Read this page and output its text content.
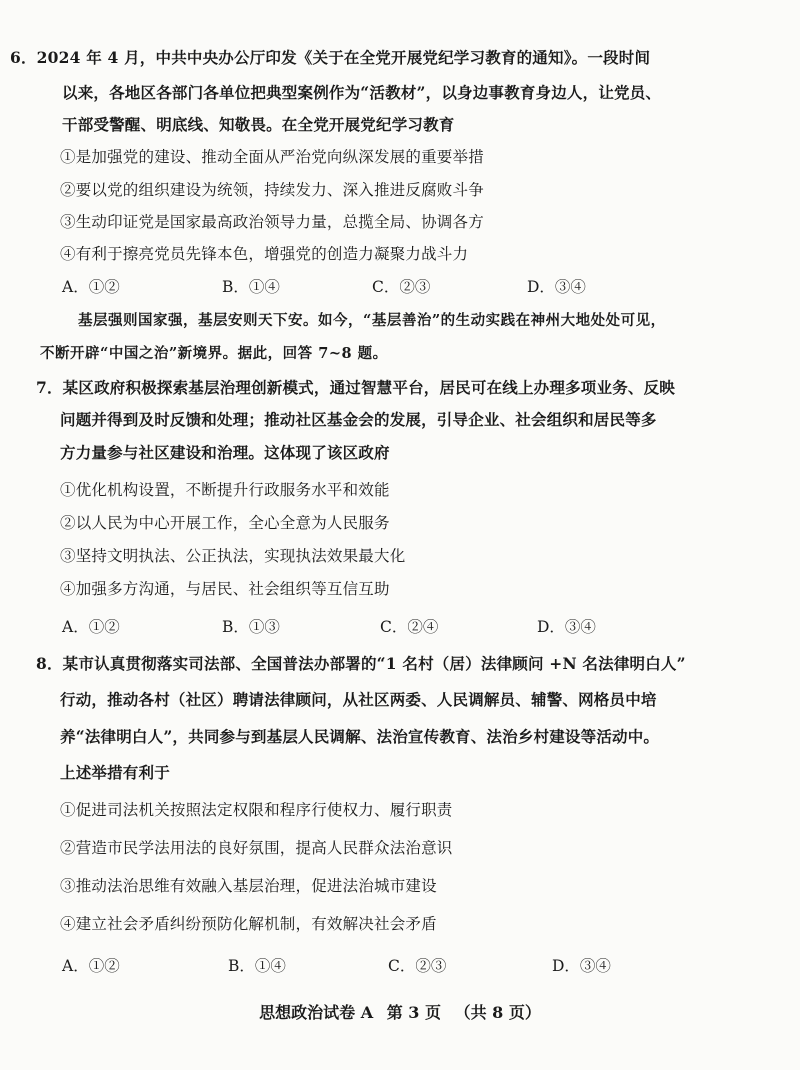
6．2024 年 4 月，中共中央办公厅印发《关于在全党开展党纪学习教育的通知》。一段时间
以来，各地区各部门各单位把典型案例作为“活教材”，以身边事教育身边人，让党员、
干部受警醒、明底线、知敬畏。在全党开展党纪学习教育
①是加强党的建设、推动全面从严治党向纵深发展的重要举措
②要以党的组织建设为统领，持续发力、深入推进反腐败斗争
③生动印证党是国家最高政治领导力量，总揽全局、协调各方
④有利于擦亮党员先锋本色，增强党的创造力凝聚力战斗力
A．①②	B．①④	C．②③	D．③④
基层强则国家强，基层安则天下安。如今，“基层善治”的生动实践在神州大地处处可见，
不断开辟“中国之治”新境界。据此，回答 7~8 题。
7．某区政府积极探索基层治理创新模式，通过智慧平台，居民可在线上办理多项业务、反映
问题并得到及时反馈和处理；推动社区基金会的发展，引导企业、社会组织和居民等多
方力量参与社区建设和治理。这体现了该区政府
①优化机构设置，不断提升行政服务水平和效能
②以人民为中心开展工作，全心全意为人民服务
③坚持文明执法、公正执法，实现执法效果最大化
④加强多方沟通，与居民、社会组织等互信互助
A．①②	B．①③	C．②④	D．③④
8．某市认真贯彻落实司法部、全国普法办部署的“1 名村（居）法律顾问 +N 名法律明白人”
行动，推动各村（社区）聘请法律顾问，从社区两委、人民调解员、辅警、网格员中培
养“法律明白人”，共同参与到基层人民调解、法治宣传教育、法治乡村建设等活动中。
上述举措有利于
①促进司法机关按照法定权限和程序行使权力、履行职责
②营造市民学法用法的良好氛围，提高人民群众法治意识
③推动法治思维有效融入基层治理，促进法治城市建设
④建立社会矛盾纠纷预防化解机制，有效解决社会矛盾
A．①②	B．①④	C．②③	D．③④
思想政治试卷 A 第 3 页 （共 8 页）
